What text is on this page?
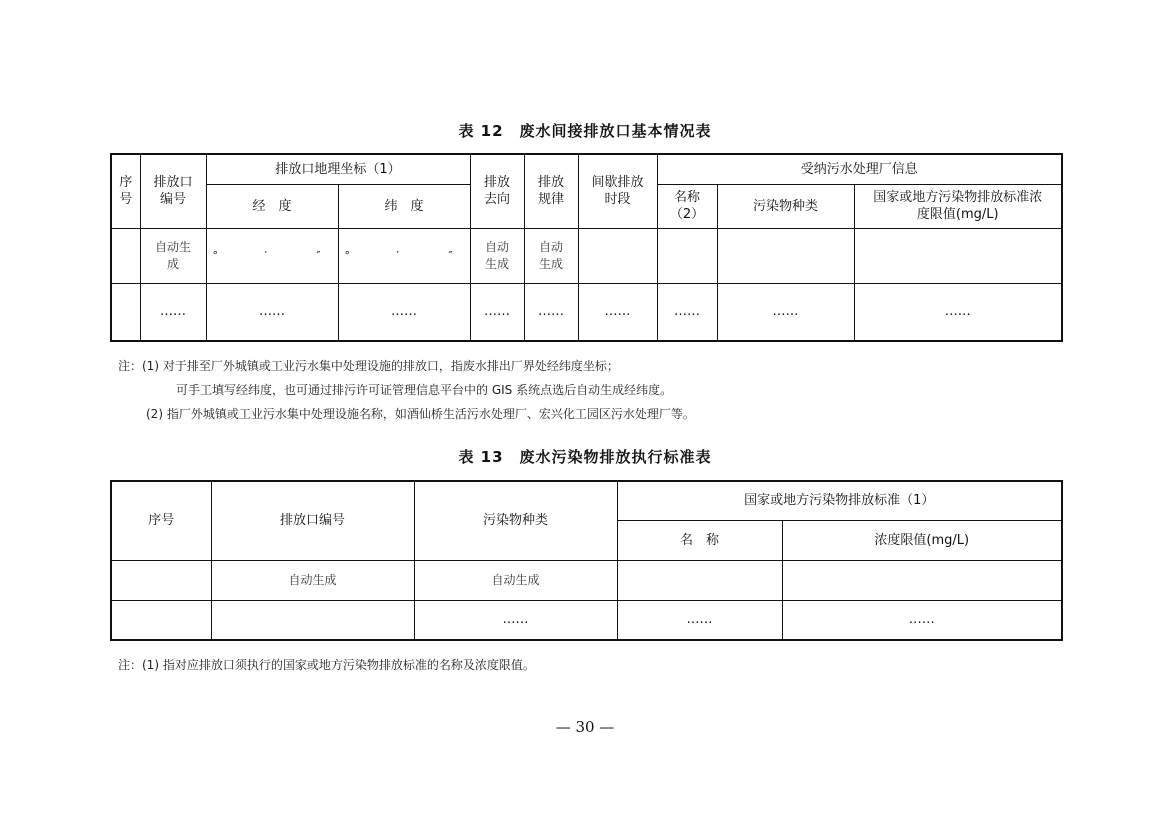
表 12　废水间接排放口基本情况表
序号	排放口编号	排放口地理坐标（1）		排放去向	排放规律	间歇排放时段	受纳污水处理厂信息		
		经　度	纬　度				名称（2）	污染物种类	国家或地方污染物排放标准浓度限值(mg/L)
	自动生成	° ′ ″	° ′ ″	自动生成	自动生成				
	……	……	……	……	……	……	……	……	……
注：(1) 对于排至厂外城镇或工业污水集中处理设施的排放口，指废水排出厂界处经纬度坐标；
可手工填写经纬度，也可通过排污许可证管理信息平台中的 GIS 系统点选后自动生成经纬度。
(2) 指厂外城镇或工业污水集中处理设施名称，如酒仙桥生活污水处理厂、宏兴化工园区污水处理厂等。
表 13　废水污染物排放执行标准表
序号	排放口编号	污染物种类	国家或地方污染物排放标准（1）	
			名　称	浓度限值(mg/L)
	自动生成	自动生成		
		……	……	……
注：(1) 指对应排放口须执行的国家或地方污染物排放标准的名称及浓度限值。
— 30 —
